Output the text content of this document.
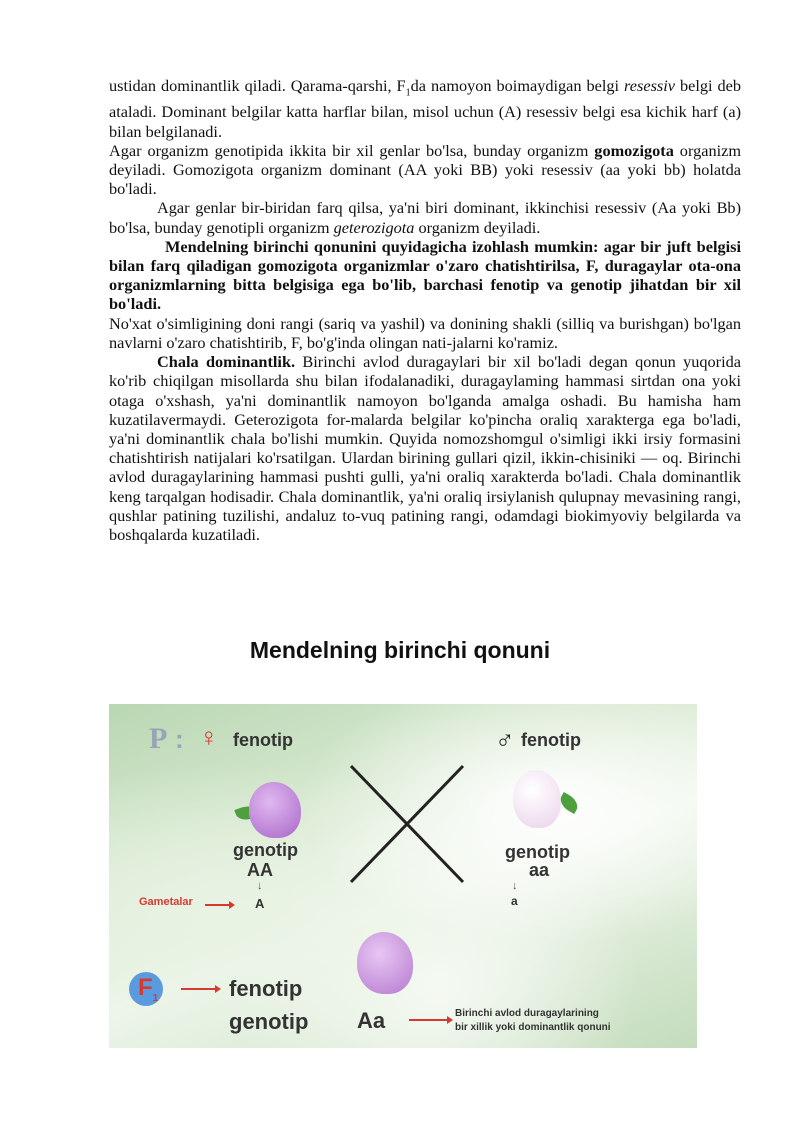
ustidan dominantlik qiladi. Qarama-qarshi, $F_1da$ namoyon boimaydigan belgi resessiv belgi deb ataladi. Dominant belgilar katta harflar bilan, misol uchun (A) resessiv belgi esa kichik harf (a) bilan belgilanadi.

Agar organizm genotipida ikkita bir xil genlar bo'lsa, bunday organizm gomozigota organizm deyiladi. Gomozigota organizm dominant (AA yoki BB) yoki resessiv (aa yoki bb) holatda bo'ladi.

Agar genlar bir-biridan farq qilsa, ya'ni biri dominant, ikkinchisi resessiv (Aa yoki Bb) bo'lsa, bunday genotipli organizm geterozigota organizm deyiladi.

Mendelning birinchi qonunini quyidagicha izohlash mumkin: agar bir juft belgisi bilan farq qiladigan gomozigota organizmlar o'zaro chatishtirilsa, F, duragaylar ota-ona organizmlarning bitta belgisiga ega bo'lib, barchasi fenotip va genotip jihatdan bir xil bo'ladi.

No'xat o'simligining doni rangi (sariq va yashil) va donining shakli (silliq va burishgan) bo'lgan navlarni o'zaro chatishtirib, F, bo'g'inda olingan nati-jalarni ko'ramiz.

Chala dominantlik. Birinchi avlod duragaylari bir xil bo'ladi degan qonun yuqorida ko'rib chiqilgan misollarda shu bilan ifodalanadiki, duragaylaming hammasi sirtdan ona yoki otaga o'xshash, ya'ni dominantlik namoyon bo'lganda amalga oshadi. Bu hamisha ham kuzatilavermaydi. Geterozigota for-malarda belgilar ko'pincha oraliq xarakterga ega bo'ladi, ya'ni dominantlik chala bo'lishi mumkin. Quyida nomozshomgul o'simligi ikki irsiy formasini chatishtirish natijalari ko'rsatilgan. Ulardan birining gullari qizil, ikkin-chisiniki — oq. Birinchi avlod duragaylarining hammasi pushti gulli, ya'ni oraliq xarakterda bo'ladi. Chala dominantlik keng tarqalgan hodisadir. Chala dominantlik, ya'ni oraliq irsiylanish qulupnay mevasining rangi, qushlar patining tuzilishi, andaluz to-vuq patining rangi, odamdagi biokimyoviy belgilarda va boshqalarda kuzatiladi.

Mendelning birinchi qonuni
P : ♀ fenotip	♂ fenotip
genotip
AA
genotip
aa
Gametalar
↓
A
↓
a
$F_1$	fenotip
genotip Aa	Birinchi avlod duragaylarining
bir xillik yoki dominantlik qonuni
